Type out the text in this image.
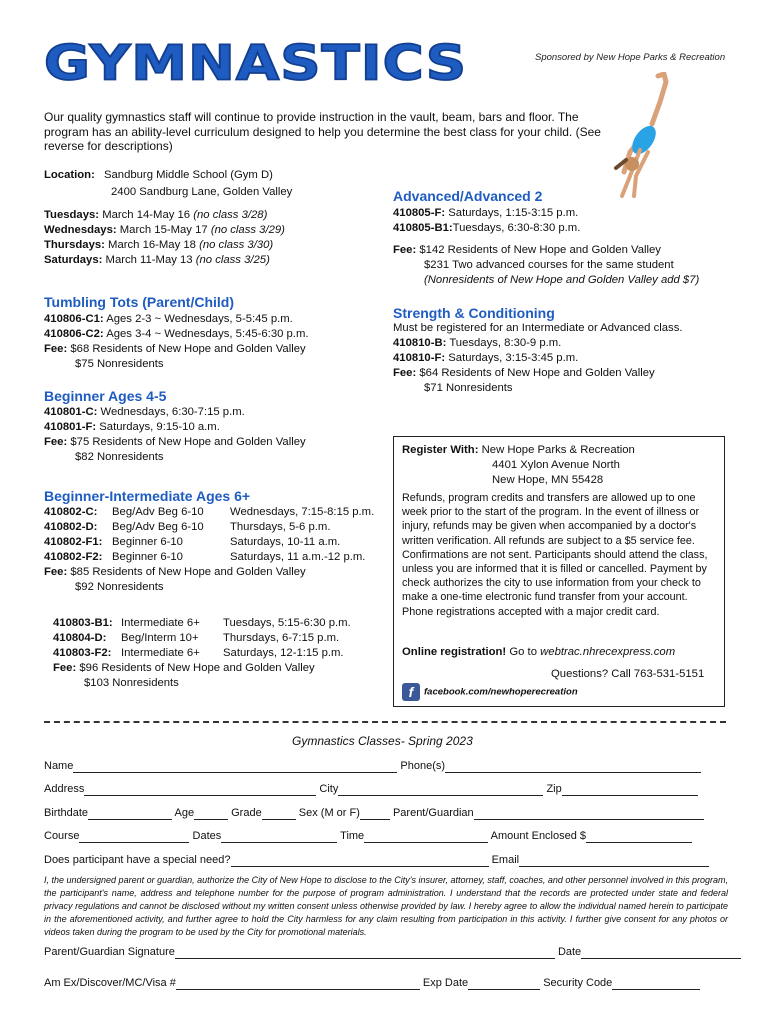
GYMNASTICS	Sponsored by New Hope Parks & Recreation
Our quality gymnastics staff will continue to provide instruction in the vault, beam, bars and floor. The program has an ability-level curriculum designed to help you determine the best class for your child. (See reverse for descriptions)
Location: Sandburg Middle School (Gym D)
2400 Sandburg Lane, Golden Valley
Tuesdays: March 14-May 16 (no class 3/28)
Wednesdays: March 15-May 17 (no class 3/29)
Thursdays: March 16-May 18 (no class 3/30)
Saturdays: March 11-May 13 (no class 3/25)
Tumbling Tots (Parent/Child)
410806-C1: Ages 2-3 ~ Wednesdays, 5-5:45 p.m.
410806-C2: Ages 3-4 ~ Wednesdays, 5:45-6:30 p.m.
Fee: $68 Residents of New Hope and Golden Valley
$75 Nonresidents
Beginner Ages 4-5
410801-C: Wednesdays, 6:30-7:15 p.m.
410801-F: Saturdays, 9:15-10 a.m.
Fee: $75 Residents of New Hope and Golden Valley
$82 Nonresidents
Beginner-Intermediate Ages 6+
410802-C: Beg/Adv Beg 6-10 Wednesdays, 7:15-8:15 p.m.
410802-D: Beg/Adv Beg 6-10 Thursdays, 5-6 p.m.
410802-F1: Beginner 6-10	Saturdays, 10-11 a.m.
410802-F2: Beginner 6-10	Saturdays, 11 a.m.-12 p.m.
Fee: $85 Residents of New Hope and Golden Valley
$92 Nonresidents
410803-B1: Intermediate 6+ Tuesdays, 5:15-6:30 p.m.
410804-D: Beg/Interm 10+ Thursdays, 6-7:15 p.m.
410803-F2: Intermediate 6+ Saturdays, 12-1:15 p.m.
Fee: $96 Residents of New Hope and Golden Valley
$103 Nonresidents
Advanced/Advanced 2
410805-F: Saturdays, 1:15-3:15 p.m.
410805-B1:Tuesdays, 6:30-8:30 p.m.
Fee: $142 Residents of New Hope and Golden Valley
$231 Two advanced courses for the same student
(Nonresidents of New Hope and Golden Valley add $7)
Strength & Conditioning
Must be registered for an Intermediate or Advanced class.
410810-B: Tuesdays, 8:30-9 p.m.
410810-F: Saturdays, 3:15-3:45 p.m.
Fee: $64 Residents of New Hope and Golden Valley
$71 Nonresidents
Register With: New Hope Parks & Recreation
4401 Xylon Avenue North
New Hope, MN 55428
Refunds, program credits and transfers are allowed up to one week prior to the start of the program. In the event of illness or injury, refunds may be given when accompanied by a doctor's written verification. All refunds are subject to a $5 service fee. Confirmations are not sent. Participants should attend the class, unless you are informed that it is filled or cancelled. Payment by check authorizes the city to use information from your check to make a one-time electronic fund transfer from your account. Phone registrations accepted with a major credit card.
Online registration! Go to webtrac.nhrecexpress.com
Questions? Call 763-531-5151
f facebook.com/newhoperecreation
Gymnastics Classes- Spring 2023
Name	Phone(s)
Address	City	Zip
Birthdate	Age	Grade	Sex (M or F)	Parent/Guardian
Course	Dates	Time	Amount Enclosed $
Does participant have a special need?	Email
I, the undersigned parent or guardian, authorize the City of New Hope to disclose to the City's insurer, attorney, staff, coaches, and other personnel involved in this program, the participant's name, address and telephone number for the purpose of program administration. I understand that the records are protected under state and federal privacy regulations and cannot be disclosed without my written consent unless otherwise provided by law. I hereby agree to allow the individual named herein to participate in the aforementioned activity, and further agree to hold the City harmless for any claim resulting from participation in this activity. I further give consent for any photos or videos taken during the program to be used by the City for promotional materials.
Parent/Guardian Signature	Date
Am Ex/Discover/MC/Visa #	Exp Date	Security Code
